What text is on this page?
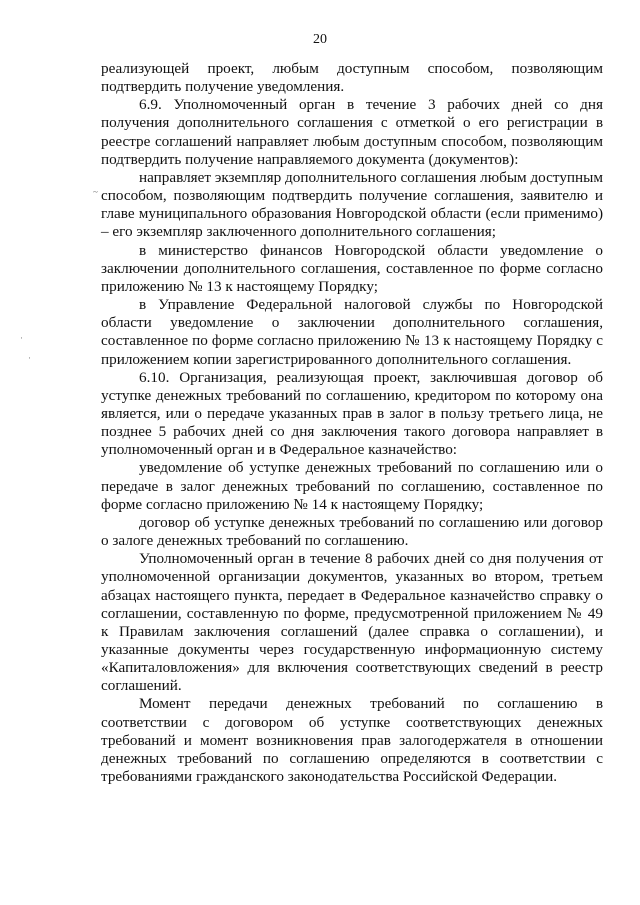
20
~
·
·

реализующей проект, любым доступным способом, позволяющим подтвердить получение уведомления.

6.9. Уполномоченный орган в течение 3 рабочих дней со дня получения дополнительного соглашения с отметкой о его регистрации в реестре соглашений направляет любым доступным способом, позволяющим подтвердить получение направляемого документа (документов):

направляет экземпляр дополнительного соглашения любым доступным способом, позволяющим подтвердить получение соглашения, заявителю и главе муниципального образования Новгородской области (если применимо) – его экземпляр заключенного дополнительного соглашения;

в министерство финансов Новгородской области уведомление о заключении дополнительного соглашения, составленное по форме согласно приложению № 13 к настоящему Порядку;

в Управление Федеральной налоговой службы по Новгородской области уведомление о заключении дополнительного соглашения, составленное по форме согласно приложению № 13 к настоящему Порядку с приложением копии зарегистрированного дополнительного соглашения.

6.10. Организация, реализующая проект, заключившая договор об уступке денежных требований по соглашению, кредитором по которому она является, или о передаче указанных прав в залог в пользу третьего лица, не позднее 5 рабочих дней со дня заключения такого договора направляет в уполномоченный орган и в Федеральное казначейство:

уведомление об уступке денежных требований по соглашению или о передаче в залог денежных требований по соглашению, составленное по форме согласно приложению № 14 к настоящему Порядку;

договор об уступке денежных требований по соглашению или договор о залоге денежных требований по соглашению.

Уполномоченный орган в течение 8 рабочих дней со дня получения от уполномоченной организации документов, указанных во втором, третьем абзацах настоящего пункта, передает в Федеральное казначейство справку о соглашении, составленную по форме, предусмотренной приложением № 49 к Правилам заключения соглашений (далее справка о соглашении), и указанные документы через государственную информационную систему «Капиталовложения» для включения соответствующих сведений в реестр соглашений.

Момент передачи денежных требований по соглашению в соответствии с договором об уступке соответствующих денежных требований и момент возникновения прав залогодержателя в отношении денежных требований по соглашению определяются в соответствии с требованиями гражданского законодательства Российской Федерации.
